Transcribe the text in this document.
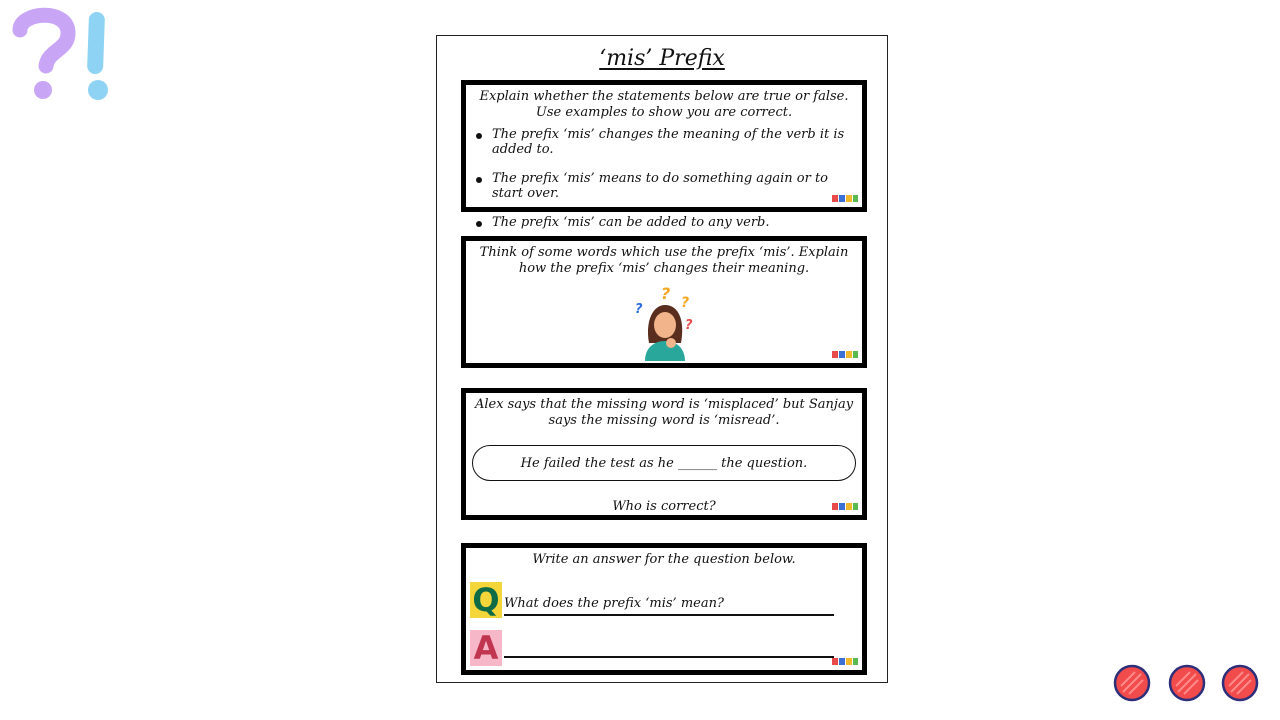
‘mis’ Prefix
Explain whether the statements below are true or false. Use examples to show you are correct.
The prefix ‘mis’ changes the meaning of the verb it is added to.
The prefix ‘mis’ means to do something again or to start over.
The prefix ‘mis’ can be added to any verb.
Think of some words which use the prefix ‘mis’. Explain how the prefix ‘mis’ changes their meaning.
?
?	?
?
Alex says that the missing word is ‘misplaced’ but Sanjay says the missing word is ‘misread’.
He failed the test as he ______ the question.
Who is correct?
Write an answer for the question below.
Q What does the prefix ‘mis’ mean?
A
